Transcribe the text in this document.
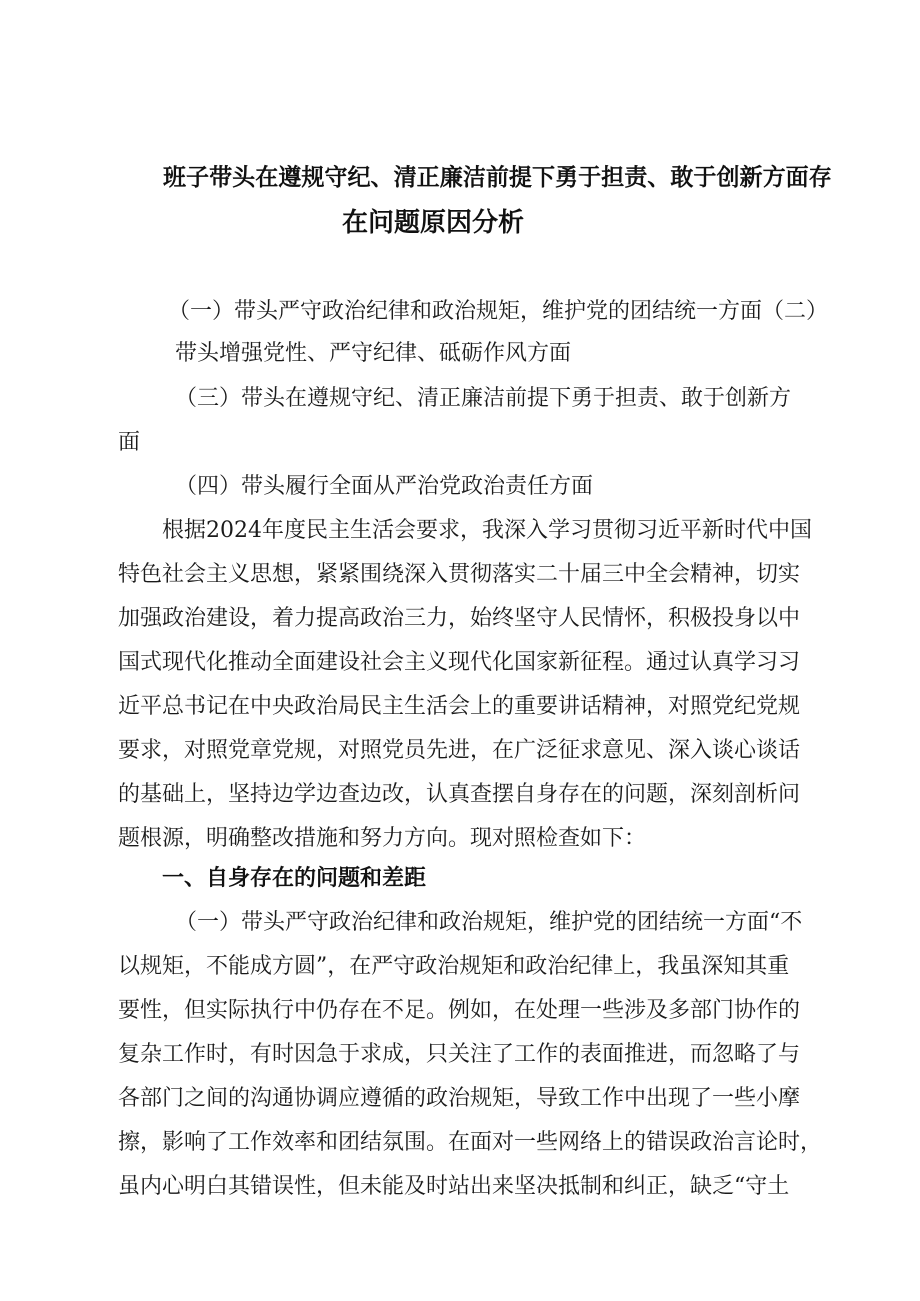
班子带头在遵规守纪、清正廉洁前提下勇于担责、敢于创新方面存
在问题原因分析
（一）带头严守政治纪律和政治规矩，维护党的团结统一方面（二）
带头增强党性、严守纪律、砥砺作风方面
（三）带头在遵规守纪、清正廉洁前提下勇于担责、敢于创新方
面
（四）带头履行全面从严治党政治责任方面
根据2024年度民主生活会要求，我深入学习贯彻习近平新时代中国
特色社会主义思想，紧紧围绕深入贯彻落实二十届三中全会精神，切实
加强政治建设，着力提高政治三力，始终坚守人民情怀，积极投身以中
国式现代化推动全面建设社会主义现代化国家新征程。通过认真学习习
近平总书记在中央政治局民主生活会上的重要讲话精神，对照党纪党规
要求，对照党章党规，对照党员先进，在广泛征求意见、深入谈心谈话
的基础上，坚持边学边查边改，认真查摆自身存在的问题，深刻剖析问
题根源，明确整改措施和努力方向。现对照检查如下：
一、自身存在的问题和差距
（一）带头严守政治纪律和政治规矩，维护党的团结统一方面“不
以规矩，不能成方圆”，在严守政治规矩和政治纪律上，我虽深知其重
要性，但实际执行中仍存在不足。例如，在处理一些涉及多部门协作的
复杂工作时，有时因急于求成，只关注了工作的表面推进，而忽略了与
各部门之间的沟通协调应遵循的政治规矩，导致工作中出现了一些小摩
擦，影响了工作效率和团结氛围。在面对一些网络上的错误政治言论时，
虽内心明白其错误性，但未能及时站出来坚决抵制和纠正，缺乏“守土
